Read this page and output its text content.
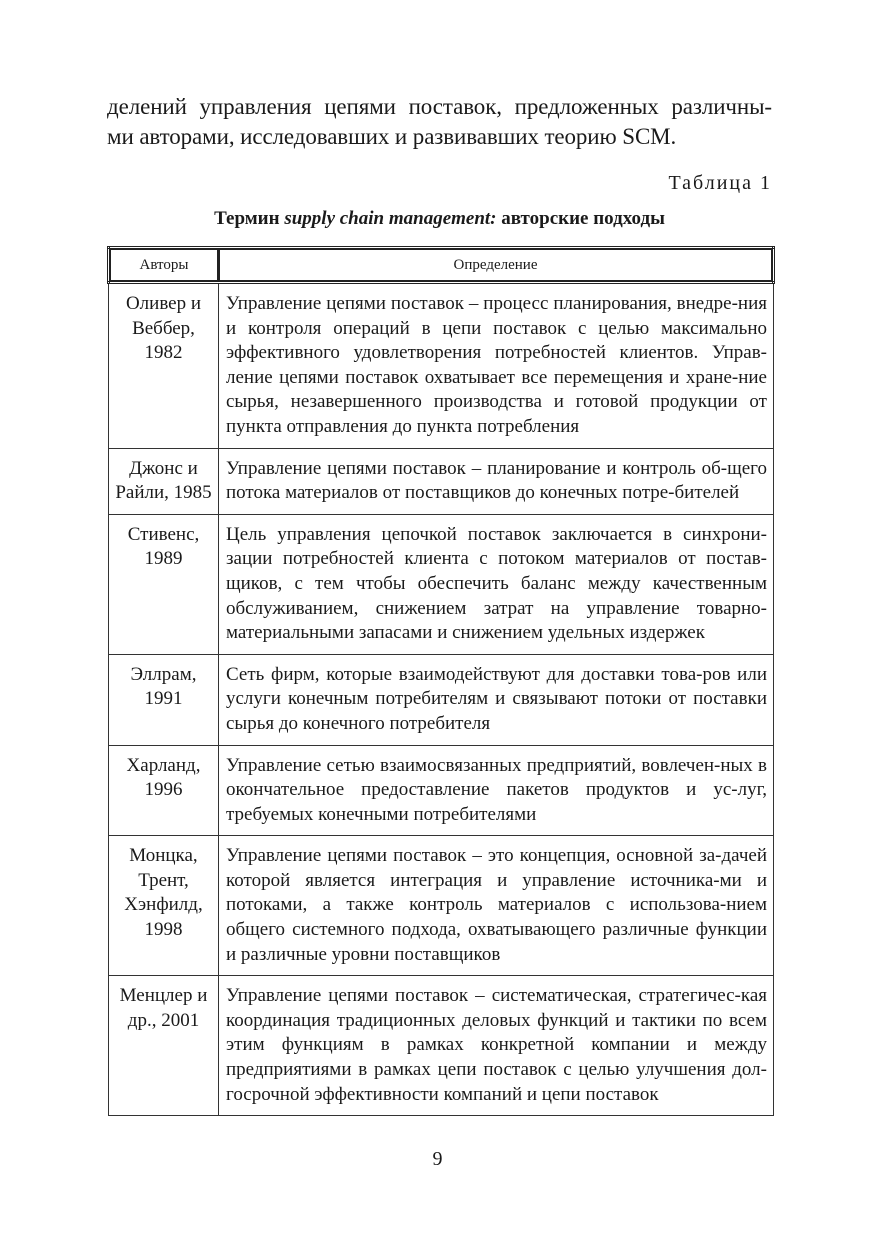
делений управления цепями поставок, предложенных различны-
ми авторами, исследовавших и развивавших теорию SCM.

Таблица 1
Термин supply chain management: авторские подходы
Авторы	Определение
Оливер и Веббер, 1982	Управление цепями поставок – процесс планирования, внедре-ния и контроля операций в цепи поставок с целью максимально эффективного удовлетворения потребностей клиентов. Управ-ление цепями поставок охватывает все перемещения и хране-ние сырья, незавершенного производства и готовой продукции от пункта отправления до пункта потребления
Джонс и Райли, 1985	Управление цепями поставок – планирование и контроль об-щего потока материалов от поставщиков до конечных потре-бителей
Стивенс, 1989	Цель управления цепочкой поставок заключается в синхрони-зации потребностей клиента с потоком материалов от постав-щиков, с тем чтобы обеспечить баланс между качественным обслуживанием, снижением затрат на управление товарно-материальными запасами и снижением удельных издержек
Эллрам, 1991	Сеть фирм, которые взаимодействуют для доставки това-ров или услуги конечным потребителям и связывают потоки от поставки сырья до конечного потребителя
Харланд, 1996	Управление сетью взаимосвязанных предприятий, вовлечен-ных в окончательное предоставление пакетов продуктов и ус-луг, требуемых конечными потребителями
Монцка, Трент, Хэнфилд, 1998	Управление цепями поставок – это концепция, основной за-дачей которой является интеграция и управление источника-ми и потоками, а также контроль материалов с использова-нием общего системного подхода, охватывающего различные функции и различные уровни поставщиков
Менцлер и др., 2001	Управление цепями поставок – систематическая, стратегичес-кая координация традиционных деловых функций и тактики по всем этим функциям в рамках конкретной компании и между предприятиями в рамках цепи поставок с целью улучшения дол-госрочной эффективности компаний и цепи поставок
9
